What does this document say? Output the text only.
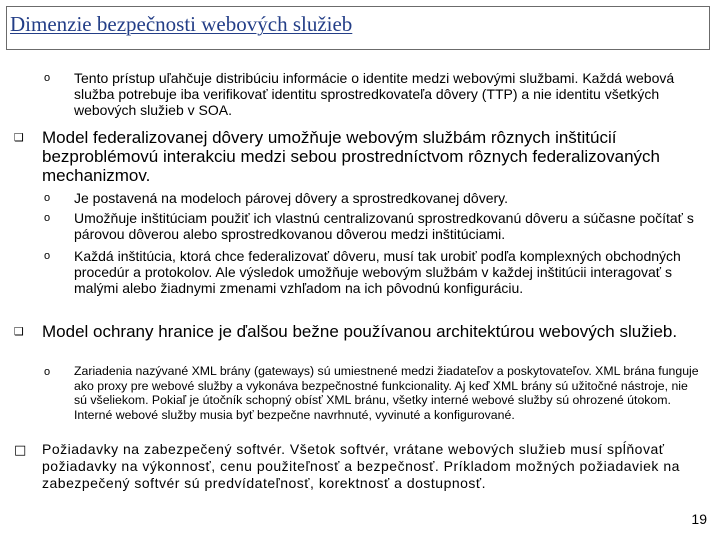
Dimenzie bezpečnosti webových služieb
o Tento prístup uľahčuje distribúciu informácie o identite medzi webovými službami. Každá webová služba potrebuje iba verifikovať identitu sprostredkovateľa dôvery (TTP) a nie identitu všetkých webových služieb v SOA.
❑ Model federalizovanej dôvery umožňuje webovým službám rôznych inštitúcií bezproblémovú interakciu medzi sebou prostredníctvom rôznych federalizovaných mechanizmov.
o Je postavená na modeloch párovej dôvery a sprostredkovanej dôvery.
o Umožňuje inštitúciam použiť ich vlastnú centralizovanú sprostredkovanú dôveru a súčasne počítať s párovou dôverou alebo sprostredkovanou dôverou medzi inštitúciami.
o Každá inštitúcia, ktorá chce federalizovať dôveru, musí tak urobiť podľa komplexných obchodných procedúr a protokolov. Ale výsledok umožňuje webovým službám v každej inštitúcii interagovať s malými alebo žiadnymi zmenami vzhľadom na ich pôvodnú konfiguráciu.
❑ Model ochrany hranice je ďalšou bežne používanou architektúrou webových služieb.
o Zariadenia nazývané XML brány (gateways) sú umiestnené medzi žiadateľov a poskytovateľov. XML brána funguje ako proxy pre webové služby a vykonáva bezpečnostné funkcionality. Aj keď XML brány sú užitočné nástroje, nie sú všeliekom. Pokiaľ je útočník schopný obísť XML bránu, všetky interné webové služby sú ohrozené útokom. Interné webové služby musia byť bezpečne navrhnuté, vyvinuté a konfigurované.
□ Požiadavky na zabezpečený softvér. Všetok softvér, vrátane webových služieb musí spĺňovať požiadavky na výkonnosť, cenu použiteľnosť a bezpečnosť. Príkladom možných požiadaviek na zabezpečený softvér sú predvídateľnosť, korektnosť a dostupnosť.
19
